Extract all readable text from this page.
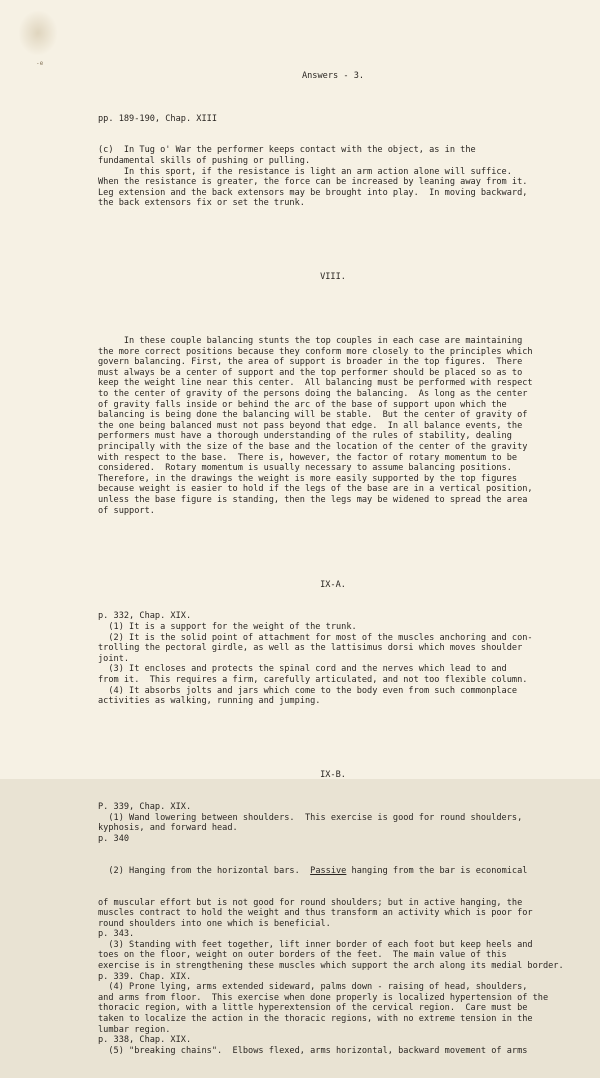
-e

Answers - 3.

pp. 189-190, Chap. XIII

(c)  In Tug o' War the performer keeps contact with the object, as in the
fundamental skills of pushing or pulling.
In this sport, if the resistance is light an arm action alone will suffice.
When the resistance is greater, the force can be increased by leaning away from it.
Leg extension and the back extensors may be brought into play.  In moving backward,
the back extensors fix or set the trunk.

VIII.

In these couple balancing stunts the top couples in each case are maintaining
the more correct positions because they conform more closely to the principles which
govern balancing. First, the area of support is broader in the top figures.  There
must always be a center of support and the top performer should be placed so as to
keep the weight line near this center.  All balancing must be performed with respect
to the center of gravity of the persons doing the balancing.  As long as the center
of gravity falls inside or behind the arc of the base of support upon which the
balancing is being done the balancing will be stable.  But the center of gravity of
the one being balanced must not pass beyond that edge.  In all balance events, the
performers must have a thorough understanding of the rules of stability, dealing
principally with the size of the base and the location of the center of the gravity
with respect to the base.  There is, however, the factor of rotary momentum to be
considered.  Rotary momentum is usually necessary to assume balancing positions.
Therefore, in the drawings the weight is more easily supported by the top figures
because weight is easier to hold if the legs of the base are in a vertical position,
unless the base figure is standing, then the legs may be widened to spread the area
of support.

IX-A.

p. 332, Chap. XIX.
(1) It is a support for the weight of the trunk.
(2) It is the solid point of attachment for most of the muscles anchoring and con-
trolling the pectoral girdle, as well as the lattisimus dorsi which moves shoulder
joint.
(3) It encloses and protects the spinal cord and the nerves which lead to and
from it.  This requires a firm, carefully articulated, and not too flexible column.
(4) It absorbs jolts and jars which come to the body even from such commonplace
activities as walking, running and jumping.

IX-B.

P. 339, Chap. XIX.
(1) Wand lowering between shoulders.  This exercise is good for round shoulders,
kyphosis, and forward head.
p. 340

(2) Hanging from the horizontal bars.  Passive hanging from the bar is economical

of muscular effort but is not good for round shoulders; but in active hanging, the
muscles contract to hold the weight and thus transform an activity which is poor for
round shoulders into one which is beneficial.
p. 343.
(3) Standing with feet together, lift inner border of each foot but keep heels and
toes on the floor, weight on outer borders of the feet.  The main value of this
exercise is in strengthening these muscles which support the arch along its medial border.
p. 339. Chap. XIX.
(4) Prone lying, arms extended sideward, palms down - raising of head, shoulders,
and arms from floor.  This exercise when done properly is localized hypertension of the
thoracic region, with a little hyperextension of the cervical region.  Care must be
taken to localize the action in the thoracic regions, with no extreme tension in the
lumbar region.
p. 338, Chap. XIX.
(5) "breaking chains".  Elbows flexed, arms horizontal, backward movement of arms
